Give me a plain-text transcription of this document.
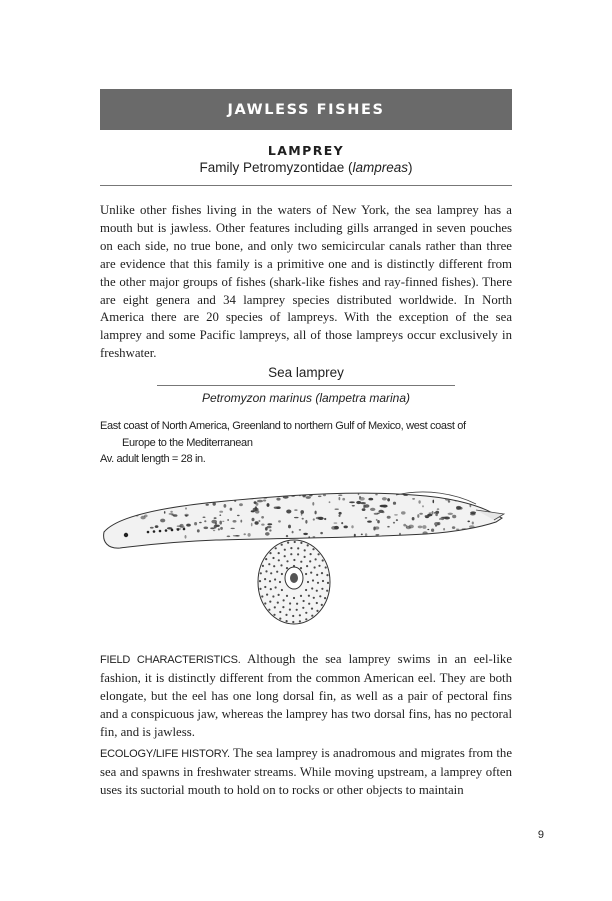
JAWLESS FISHES
LAMPREY
Family Petromyzontidae (lampreas)

Unlike other fishes living in the waters of New York, the sea lamprey has a mouth but is jawless. Other features including gills arranged in seven pouches on each side, no true bone, and only two semicircular canals rather than three are evidence that this family is a primitive one and is distinctly different from the other major groups of fishes (shark-like fishes and ray-finned fishes). There are eight genera and 34 lamprey species distributed worldwide. In North America there are 20 species of lampreys. With the exception of the sea lamprey and some Pacific lampreys, all of those lampreys occur exclusively in freshwater.

Sea lamprey
Petromyzon marinus (lampetra marina)

East coast of North America, Greenland to northern Gulf of Mexico, west coast of
Europe to the Mediterranean

Av. adult length = 28 in.

FIELD CHARACTERISTICS. Although the sea lamprey swims in an eel-like fashion, it is distinctly different from the common American eel. They are both elongate, but the eel has one long dorsal fin, as well as a pair of pectoral fins and a conspicuous jaw, whereas the lamprey has two dorsal fins, has no pectoral fin, and is jawless.

ECOLOGY/LIFE HISTORY. The sea lamprey is anadromous and migrates from the sea and spawns in freshwater streams. While moving upstream, a lamprey often uses its suctorial mouth to hold on to rocks or other objects to maintain

9
